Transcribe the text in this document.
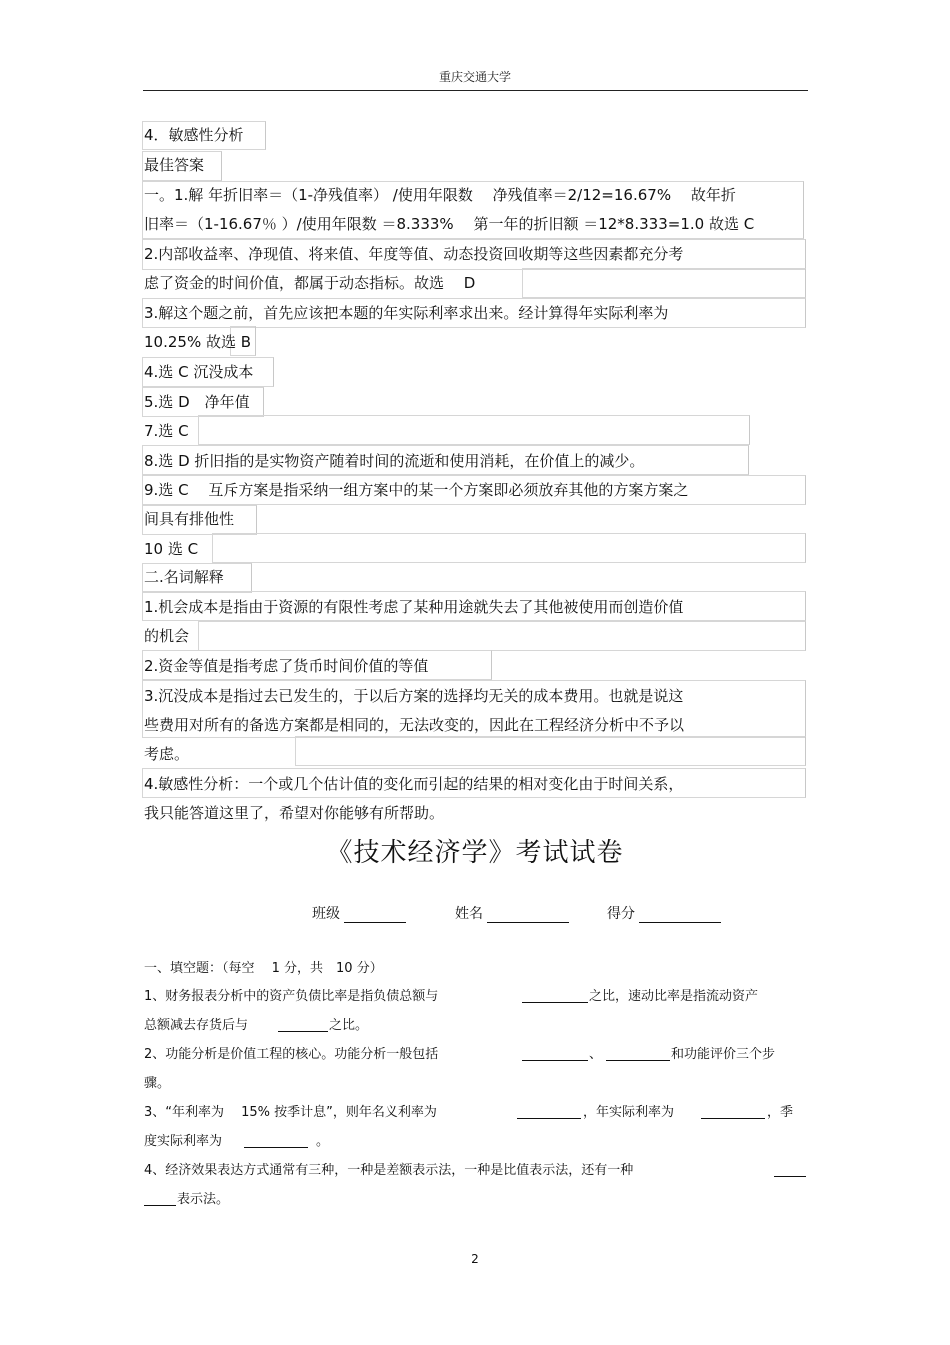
重庆交通大学
4．敏感性分析
最佳答案
一。1.解 年折旧率＝（1-净残值率） /使用年限数　 净残值率＝2/12=16.67%　 故年折
旧率＝（1-16.67％ ）/使用年限数 ＝8.333%　 第一年的折旧额 ＝12*8.333=1.0 故选 C
2.内部收益率、净现值、将来值、年度等值、动态投资回收期等这些因素都充分考
虑了资金的时间价值，都属于动态指标。故选　 D
3.解这个题之前，首先应该把本题的年实际利率求出来。经计算得年实际利率为
10.25% 故选 B
4.选 C 沉没成本
5.选 D　净年值
7.选 C
8.选 D 折旧指的是实物资产随着时间的流逝和使用消耗，在价值上的减少。
9.选 C　 互斥方案是指采纳一组方案中的某一个方案即必须放弃其他的方案方案之
间具有排他性
10 选 C
二.名词解释
1.机会成本是指由于资源的有限性考虑了某种用途就失去了其他被使用而创造价值
的机会
2.资金等值是指考虑了货币时间价值的等值
3.沉没成本是指过去已发生的，于以后方案的选择均无关的成本费用。也就是说这
些费用对所有的备选方案都是相同的，无法改变的，因此在工程经济分析中不予以
考虑。
4.敏感性分析：一个或几个估计值的变化而引起的结果的相对变化由于时间关系，
我只能答道这里了，希望对你能够有所帮助。
《技术经济学》考试试卷
班级	姓名	得分
一、填空题：（每空　 1 分，共　10 分）
1、财务报表分析中的资产负债比率是指负债总额与	之比，速动比率是指流动资产
总额减去存货后与	之比。
2、功能分析是价值工程的核心。功能分析一般包括	、	和功能评价三个步
骤。
3、“年利率为　 15% 按季计息”，则年名义利率为	，年实际利率为	，季
度实际利率为	。
4、经济效果表达方式通常有三种，一种是差额表示法，一种是比值表示法，还有一种
表示法。
2
